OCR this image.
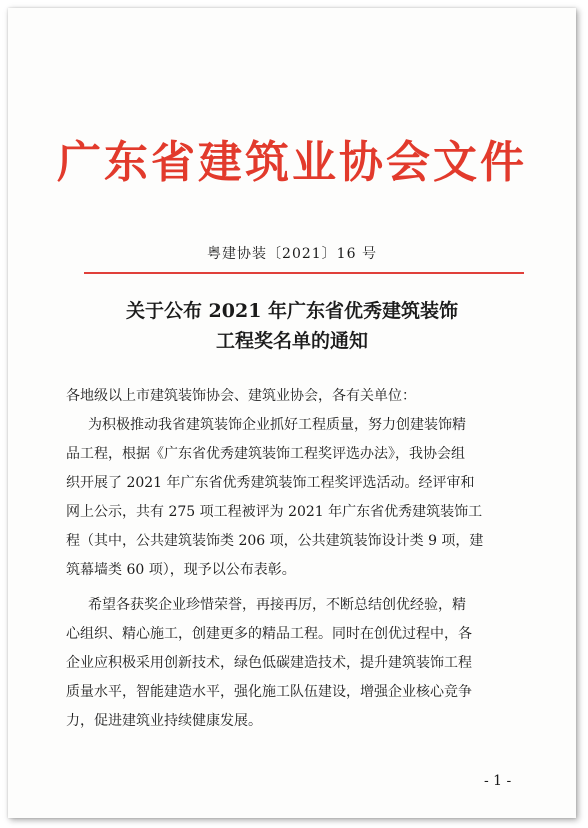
广东省建筑业协会文件
粤建协装〔2021〕16 号
关于公布 2021 年广东省优秀建筑装饰
工程奖名单的通知
各地级以上市建筑装饰协会、建筑业协会，各有关单位：
为积极推动我省建筑装饰企业抓好工程质量，努力创建装饰精
品工程，根据《广东省优秀建筑装饰工程奖评选办法》，我协会组
织开展了 2021 年广东省优秀建筑装饰工程奖评选活动。经评审和
网上公示，共有 275 项工程被评为 2021 年广东省优秀建筑装饰工
程（其中，公共建筑装饰类 206 项，公共建筑装饰设计类 9 项，建
筑幕墙类 60 项），现予以公布表彰。
希望各获奖企业珍惜荣誉，再接再厉，不断总结创优经验，精
心组织、精心施工，创建更多的精品工程。同时在创优过程中，各
企业应积极采用创新技术，绿色低碳建造技术，提升建筑装饰工程
质量水平，智能建造水平，强化施工队伍建设，增强企业核心竞争
力，促进建筑业持续健康发展。
- 1 -
